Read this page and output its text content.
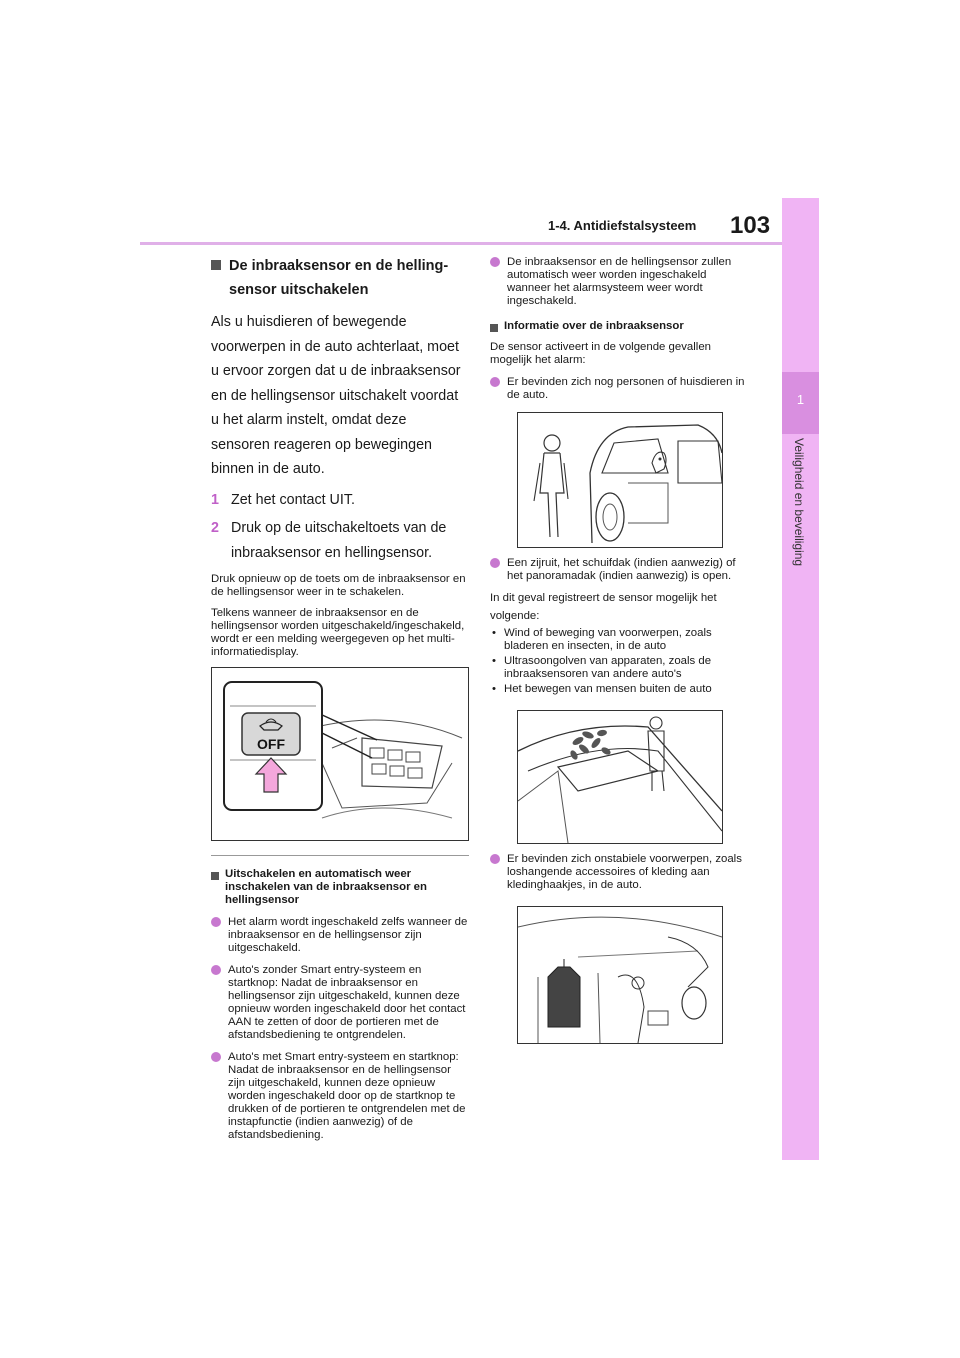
1-4. Antidiefstalsysteem 103
1
Veiligheid en beveiliging
De inbraaksensor en de helling-
sensor uitschakelen
Als u huisdieren of bewegende voorwerpen in de auto achterlaat, moet u ervoor zorgen dat u de inbraaksensor en de hellingsensor uitschakelt voordat u het alarm instelt, omdat deze sensoren reageren op bewegingen binnen in de auto.
1 Zet het contact UIT.
2 Druk op de uitschakeltoets van de inbraaksensor en hellingsensor.

Druk opnieuw op de toets om de inbraaksensor en de hellingsensor weer in te schakelen.

Telkens wanneer de inbraaksensor en de hellingsensor worden uitgeschakeld/ingeschakeld, wordt er een melding weergegeven op het multi-informatiedisplay.

OFF
Uitschakelen en automatisch weer inschakelen van de inbraaksensor en hellingsensor
Het alarm wordt ingeschakeld zelfs wanneer de inbraaksensor en de hellingsensor zijn uitgeschakeld.
Auto's zonder Smart entry-systeem en startknop: Nadat de inbraaksensor en hellingsensor zijn uitgeschakeld, kunnen deze opnieuw worden ingeschakeld door het contact AAN te zetten of door de portieren met de afstandsbediening te ontgrendelen.
Auto's met Smart entry-systeem en startknop: Nadat de inbraaksensor en de hellingsensor zijn uitgeschakeld, kunnen deze opnieuw worden ingeschakeld door op de startknop te drukken of de portieren te ontgrendelen met de instapfunctie (indien aanwezig) of de afstandsbediening.
De inbraaksensor en de hellingsensor zullen automatisch weer worden ingeschakeld wanneer het alarmsysteem weer wordt ingeschakeld.
Informatie over de inbraaksensor

De sensor activeert in de volgende gevallen mogelijk het alarm:

Er bevinden zich nog personen of huisdieren in de auto.
Een zijruit, het schuifdak (indien aanwezig) of het panoramadak (indien aanwezig) is open.
In dit geval registreert de sensor mogelijk het volgende:
• Wind of beweging van voorwerpen, zoals bladeren en insecten, in de auto
• Ultrasoongolven van apparaten, zoals de inbraaksensoren van andere auto's
• Het bewegen van mensen buiten de auto
Er bevinden zich onstabiele voorwerpen, zoals loshangende accessoires of kleding aan kledinghaakjes, in de auto.
